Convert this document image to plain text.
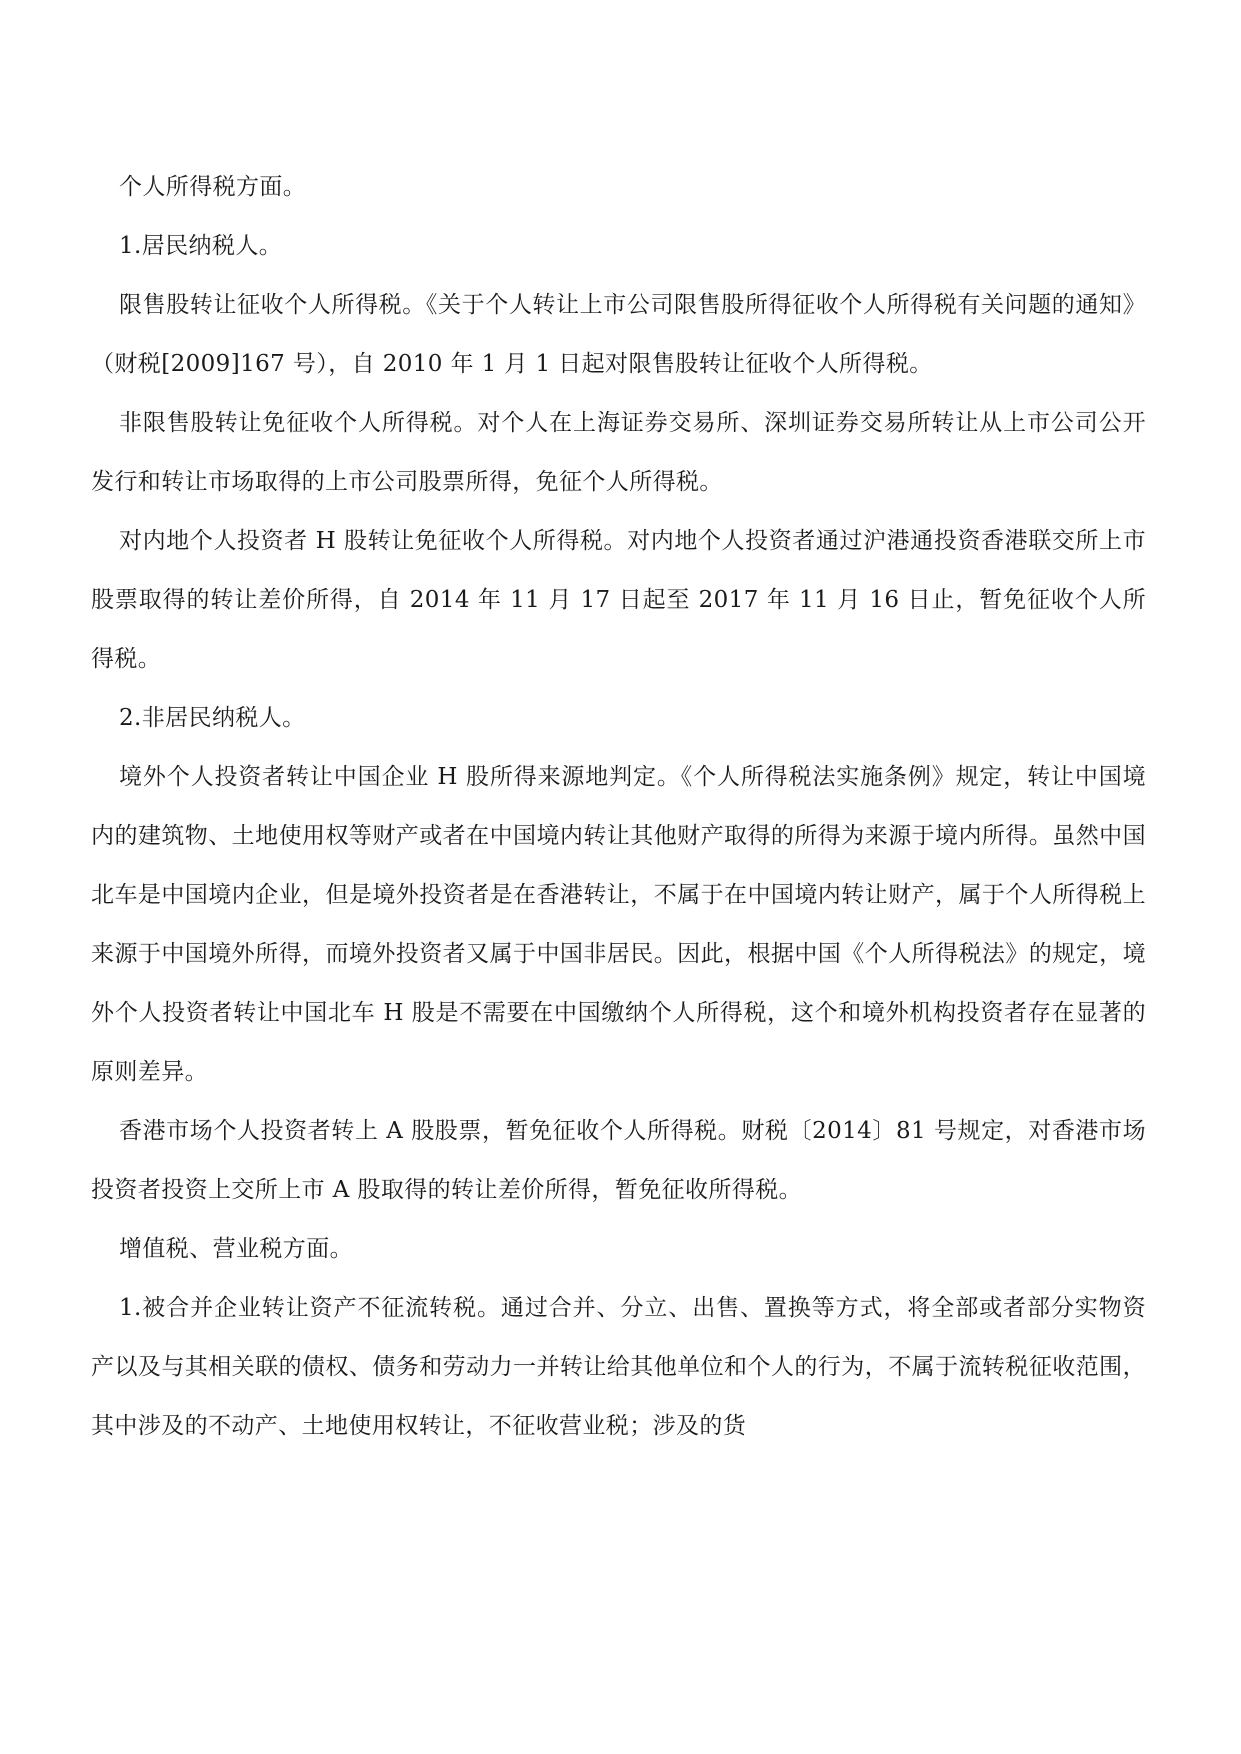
个人所得税方面。

1.居民纳税人。

限售股转让征收个人所得税。《关于个人转让上市公司限售股所得征收个人所得税有关问题的通知》（财税[2009]167 号），自 2010 年 1 月 1 日起对限售股转让征收个人所得税。

非限售股转让免征收个人所得税。对个人在上海证券交易所、深圳证券交易所转让从上市公司公开发行和转让市场取得的上市公司股票所得，免征个人所得税。

对内地个人投资者 H 股转让免征收个人所得税。对内地个人投资者通过沪港通投资香港联交所上市股票取得的转让差价所得，自 2014 年 11 月 17 日起至 2017 年 11 月 16 日止，暂免征收个人所得税。

2.非居民纳税人。

境外个人投资者转让中国企业 H 股所得来源地判定。《个人所得税法实施条例》规定，转让中国境内的建筑物、土地使用权等财产或者在中国境内转让其他财产取得的所得为来源于境内所得。虽然中国北车是中国境内企业，但是境外投资者是在香港转让，不属于在中国境内转让财产，属于个人所得税上来源于中国境外所得，而境外投资者又属于中国非居民。因此，根据中国《个人所得税法》的规定，境外个人投资者转让中国北车 H 股是不需要在中国缴纳个人所得税，这个和境外机构投资者存在显著的原则差异。

香港市场个人投资者转上 A 股股票，暂免征收个人所得税。财税〔2014〕81 号规定，对香港市场投资者投资上交所上市 A 股取得的转让差价所得，暂免征收所得税。

增值税、营业税方面。

1.被合并企业转让资产不征流转税。通过合并、分立、出售、置换等方式，将全部或者部分实物资产以及与其相关联的债权、债务和劳动力一并转让给其他单位和个人的行为，不属于流转税征收范围，其中涉及的不动产、土地使用权转让，不征收营业税；涉及的货
